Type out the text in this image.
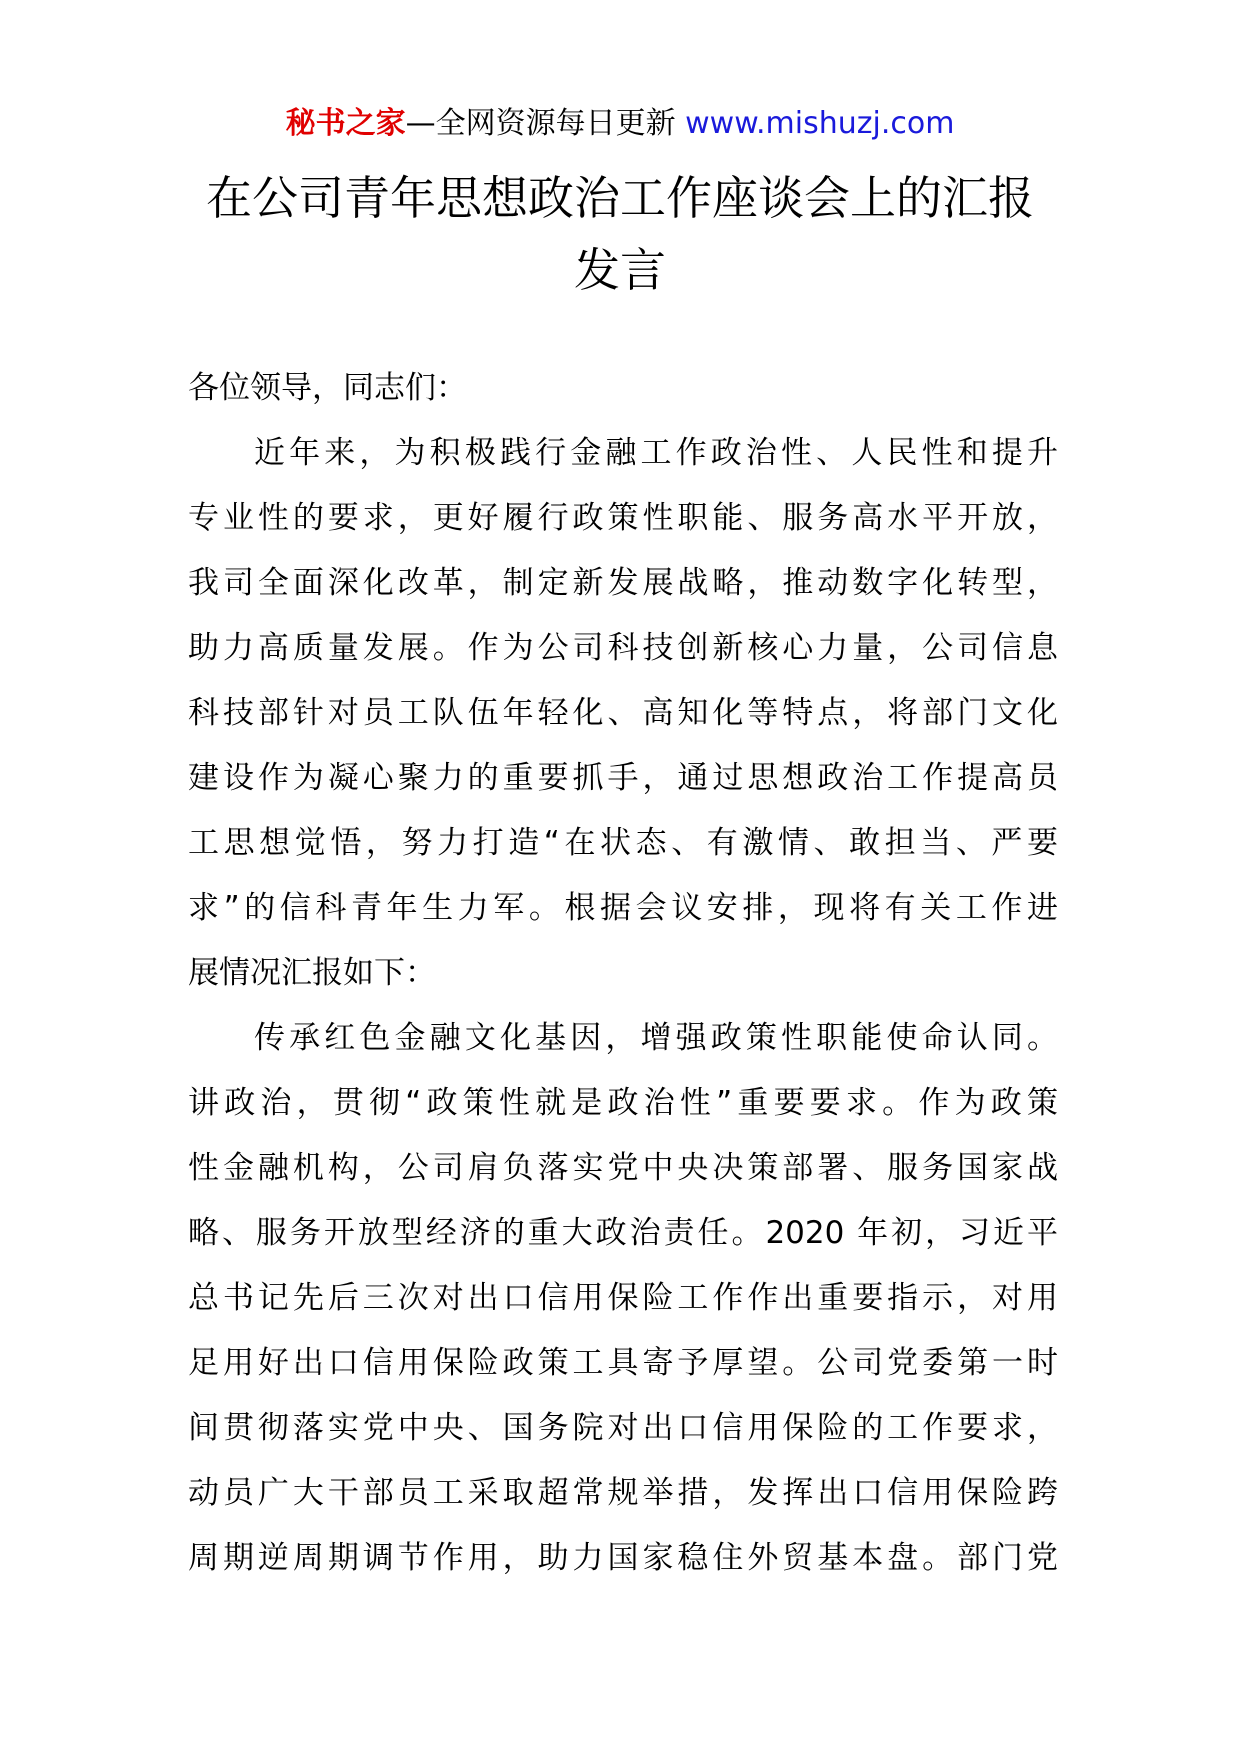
秘书之家—全网资源每日更新 www.mishuzj.com
在公司青年思想政治工作座谈会上的汇报
发言
各位领导，同志们：
近年来，为积极践行金融工作政治性、人民性和提升
专业性的要求，更好履行政策性职能、服务高水平开放，
我司全面深化改革，制定新发展战略，推动数字化转型，
助力高质量发展。作为公司科技创新核心力量，公司信息
科技部针对员工队伍年轻化、高知化等特点，将部门文化
建设作为凝心聚力的重要抓手，通过思想政治工作提高员
工思想觉悟，努力打造“在状态、有激情、敢担当、严要
求”的信科青年生力军。根据会议安排，现将有关工作进
展情况汇报如下：
传承红色金融文化基因，增强政策性职能使命认同。
讲政治，贯彻“政策性就是政治性”重要要求。作为政策
性金融机构，公司肩负落实党中央决策部署、服务国家战
略、服务开放型经济的重大政治责任。2020 年初，习近平
总书记先后三次对出口信用保险工作作出重要指示，对用
足用好出口信用保险政策工具寄予厚望。公司党委第一时
间贯彻落实党中央、国务院对出口信用保险的工作要求，
动员广大干部员工采取超常规举措，发挥出口信用保险跨
周期逆周期调节作用，助力国家稳住外贸基本盘。部门党
